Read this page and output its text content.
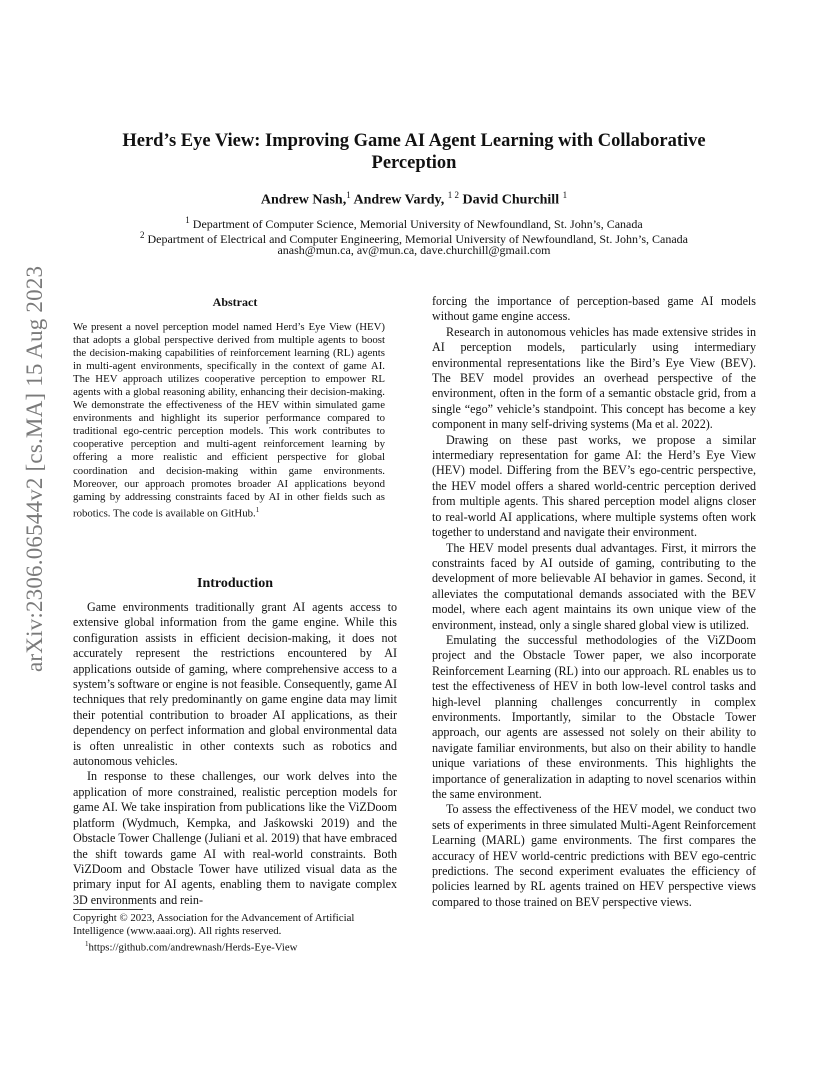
arXiv:2306.06544v2 [cs.MA] 15 Aug 2023
Herd’s Eye View: Improving Game AI Agent Learning with Collaborative Perception
Andrew Nash,$^1$ Andrew Vardy, $^{1 2}$ David Churchill $^1$
$^1$ Department of Computer Science, Memorial University of Newfoundland, St. John’s, Canada
$^2$ Department of Electrical and Computer Engineering, Memorial University of Newfoundland, St. John’s, Canada
anash@mun.ca, av@mun.ca, dave.churchill@gmail.com
Abstract
We present a novel perception model named Herd’s Eye View (HEV) that adopts a global perspective derived from multiple agents to boost the decision-making capabilities of reinforcement learning (RL) agents in multi-agent environments, specifically in the context of game AI. The HEV approach utilizes cooperative perception to empower RL agents with a global reasoning ability, enhancing their decision-making. We demonstrate the effectiveness of the HEV within simulated game environments and highlight its superior performance compared to traditional ego-centric perception models. This work contributes to cooperative perception and multi-agent reinforcement learning by offering a more realistic and efficient perspective for global coordination and decision-making within game environments. Moreover, our approach promotes broader AI applications beyond gaming by addressing constraints faced by AI in other fields such as robotics. The code is available on GitHub.$^1$
Introduction

Game environments traditionally grant AI agents access to extensive global information from the game engine. While this configuration assists in efficient decision-making, it does not accurately represent the restrictions encountered by AI applications outside of gaming, where comprehensive access to a system’s software or engine is not feasible. Consequently, game AI techniques that rely predominantly on game engine data may limit their potential contribution to broader AI applications, as their dependency on perfect information and global environmental data is often unrealistic in other contexts such as robotics and autonomous vehicles.

In response to these challenges, our work delves into the application of more constrained, realistic perception models for game AI. We take inspiration from publications like the ViZDoom platform (Wydmuch, Kempka, and Jaśkowski 2019) and the Obstacle Tower Challenge (Juliani et al. 2019) that have embraced the shift towards game AI with real-world constraints. Both ViZDoom and Obstacle Tower have utilized visual data as the primary input for AI agents, enabling them to navigate complex 3D environments and rein-

forcing the importance of perception-based game AI models without game engine access.

Research in autonomous vehicles has made extensive strides in AI perception models, particularly using intermediary environmental representations like the Bird’s Eye View (BEV). The BEV model provides an overhead perspective of the environment, often in the form of a semantic obstacle grid, from a single “ego” vehicle’s standpoint. This concept has become a key component in many self-driving systems (Ma et al. 2022).

Drawing on these past works, we propose a similar intermediary representation for game AI: the Herd’s Eye View (HEV) model. Differing from the BEV’s ego-centric perspective, the HEV model offers a shared world-centric perception derived from multiple agents. This shared perception model aligns closer to real-world AI applications, where multiple systems often work together to understand and navigate their environment.

The HEV model presents dual advantages. First, it mirrors the constraints faced by AI outside of gaming, contributing to the development of more believable AI behavior in games. Second, it alleviates the computational demands associated with the BEV model, where each agent maintains its own unique view of the environment, instead, only a single shared global view is utilized.

Emulating the successful methodologies of the ViZDoom project and the Obstacle Tower paper, we also incorporate Reinforcement Learning (RL) into our approach. RL enables us to test the effectiveness of HEV in both low-level control tasks and high-level planning challenges concurrently in complex environments. Importantly, similar to the Obstacle Tower approach, our agents are assessed not solely on their ability to navigate familiar environments, but also on their ability to handle unique variations of these environments. This highlights the importance of generalization in adapting to novel scenarios within the same environment.

To assess the effectiveness of the HEV model, we conduct two sets of experiments in three simulated Multi-Agent Reinforcement Learning (MARL) game environments. The first compares the accuracy of HEV world-centric predictions with BEV ego-centric predictions. The second experiment evaluates the efficiency of policies learned by RL agents trained on HEV perspective views compared to those trained on BEV perspective views.

Copyright © 2023, Association for the Advancement of Artificial Intelligence (www.aaai.org). All rights reserved.
$^1$https://github.com/andrewnash/Herds-Eye-View
